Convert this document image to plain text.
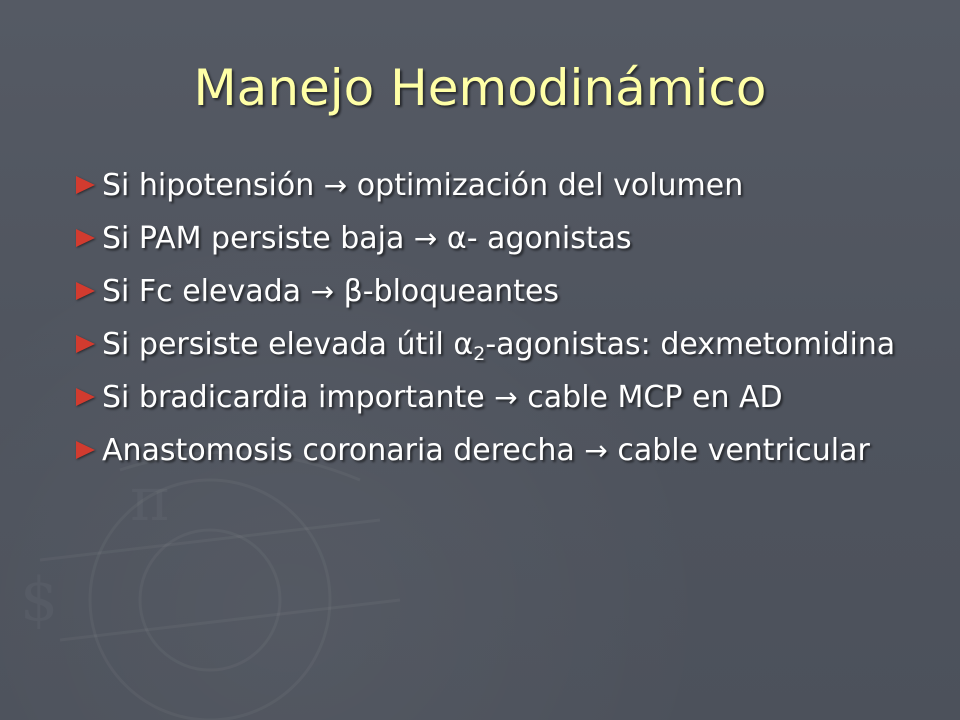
π
$
Manejo Hemodinámico
Si hipotensión → optimización del volumen
Si PAM persiste baja → α- agonistas
Si Fc elevada → β-bloqueantes
Si persiste elevada útil $\alpha_2$-agonistas: dexmetomidina
Si bradicardia importante → cable MCP en AD
Anastomosis coronaria derecha → cable ventricular
